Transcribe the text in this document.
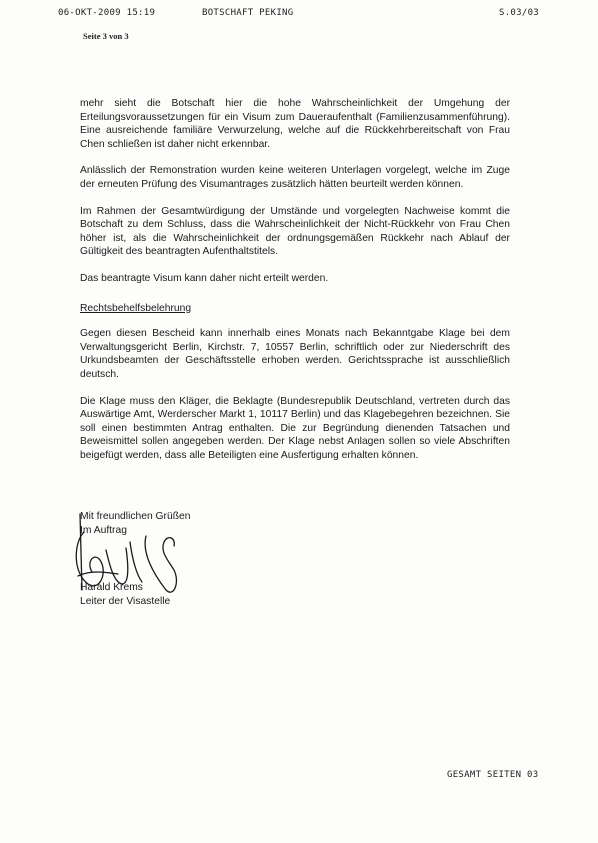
06-OKT-2009 15:19	BOTSCHAFT PEKING	S.03/03
Seite 3 von 3

mehr sieht die Botschaft hier die hohe Wahrscheinlichkeit der Umgehung der Erteilungsvoraussetzungen für ein Visum zum Daueraufenthalt (Familienzusammenführung). Eine ausreichende familiäre Verwurzelung, welche auf die Rückkehrbereitschaft von Frau Chen schließen ist daher nicht erkennbar.

Anlässlich der Remonstration wurden keine weiteren Unterlagen vorgelegt, welche im Zuge der erneuten Prüfung des Visumantrages zusätzlich hätten beurteilt werden können.

Im Rahmen der Gesamtwürdigung der Umstände und vorgelegten Nachweise kommt die Botschaft zu dem Schluss, dass die Wahrscheinlichkeit der Nicht-Rückkehr von Frau Chen höher ist, als die Wahrscheinlichkeit der ordnungsgemäßen Rückkehr nach Ablauf der Gültigkeit des beantragten Aufenthaltstitels.

Das beantragte Visum kann daher nicht erteilt werden.

Rechtsbehelfsbelehrung

Gegen diesen Bescheid kann innerhalb eines Monats nach Bekanntgabe Klage bei dem Verwaltungsgericht Berlin, Kirchstr. 7, 10557 Berlin, schriftlich oder zur Niederschrift des Urkundsbeamten der Geschäftsstelle erhoben werden. Gerichtssprache ist ausschließlich deutsch.

Die Klage muss den Kläger, die Beklagte (Bundesrepublik Deutschland, vertreten durch das Auswärtige Amt, Werderscher Markt 1, 10117 Berlin) und das Klagebegehren bezeichnen. Sie soll einen bestimmten Antrag enthalten. Die zur Begründung dienenden Tatsachen und Beweismittel sollen angegeben werden. Der Klage nebst Anlagen sollen so viele Abschriften beigefügt werden, dass alle Beteiligten eine Ausfertigung erhalten können.

Mit freundlichen Grüßen
Im Auftrag
Harald Krems
Leiter der Visastelle
GESAMT SEITEN 03
